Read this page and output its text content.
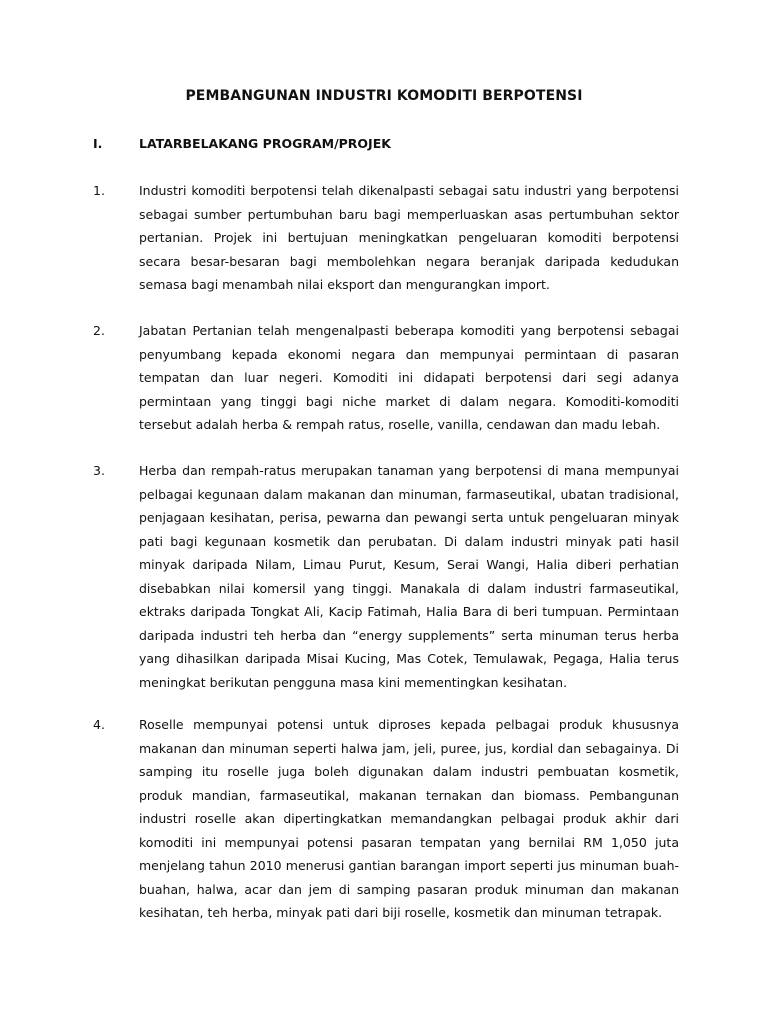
PEMBANGUNAN INDUSTRI KOMODITI BERPOTENSI
I.	LATARBELAKANG PROGRAM/PROJEK
1.	Industri komoditi berpotensi telah dikenalpasti sebagai satu industri yang berpotensi sebagai sumber pertumbuhan baru bagi memperluaskan asas pertumbuhan sektor pertanian. Projek ini bertujuan meningkatkan pengeluaran komoditi berpotensi secara besar-besaran bagi membolehkan negara beranjak daripada kedudukan semasa bagi menambah nilai eksport dan mengurangkan import.

2.	Jabatan Pertanian telah mengenalpasti beberapa komoditi yang berpotensi sebagai penyumbang kepada ekonomi negara dan mempunyai permintaan di pasaran tempatan dan luar negeri. Komoditi ini didapati berpotensi dari segi adanya permintaan yang tinggi bagi niche market di dalam negara. Komoditi-komoditi tersebut adalah herba & rempah ratus, roselle, vanilla, cendawan dan madu lebah.

3.	Herba dan rempah-ratus merupakan tanaman yang berpotensi di mana mempunyai pelbagai kegunaan dalam makanan dan minuman, farmaseutikal, ubatan tradisional, penjagaan kesihatan, perisa, pewarna dan pewangi serta untuk pengeluaran minyak pati bagi kegunaan kosmetik dan perubatan. Di dalam industri minyak pati hasil minyak daripada Nilam, Limau Purut, Kesum, Serai Wangi, Halia diberi perhatian disebabkan nilai komersil yang tinggi. Manakala di dalam industri farmaseutikal, ektraks daripada Tongkat Ali, Kacip Fatimah, Halia Bara di beri tumpuan. Permintaan daripada industri teh herba dan “energy supplements” serta minuman terus herba yang dihasilkan daripada Misai Kucing, Mas Cotek, Temulawak, Pegaga, Halia terus meningkat berikutan pengguna masa kini mementingkan kesihatan.

4.	Roselle mempunyai potensi untuk diproses kepada pelbagai produk khususnya makanan dan minuman seperti halwa jam, jeli, puree, jus, kordial dan sebagainya. Di samping itu roselle juga boleh digunakan dalam industri pembuatan kosmetik, produk mandian, farmaseutikal, makanan ternakan dan biomass. Pembangunan industri roselle akan dipertingkatkan memandangkan pelbagai produk akhir dari komoditi ini mempunyai potensi pasaran tempatan yang bernilai RM 1,050 juta menjelang tahun 2010 menerusi gantian barangan import seperti jus minuman buah-buahan, halwa, acar dan jem di samping pasaran produk minuman dan makanan kesihatan, teh herba, minyak pati dari biji roselle, kosmetik dan minuman tetrapak.
